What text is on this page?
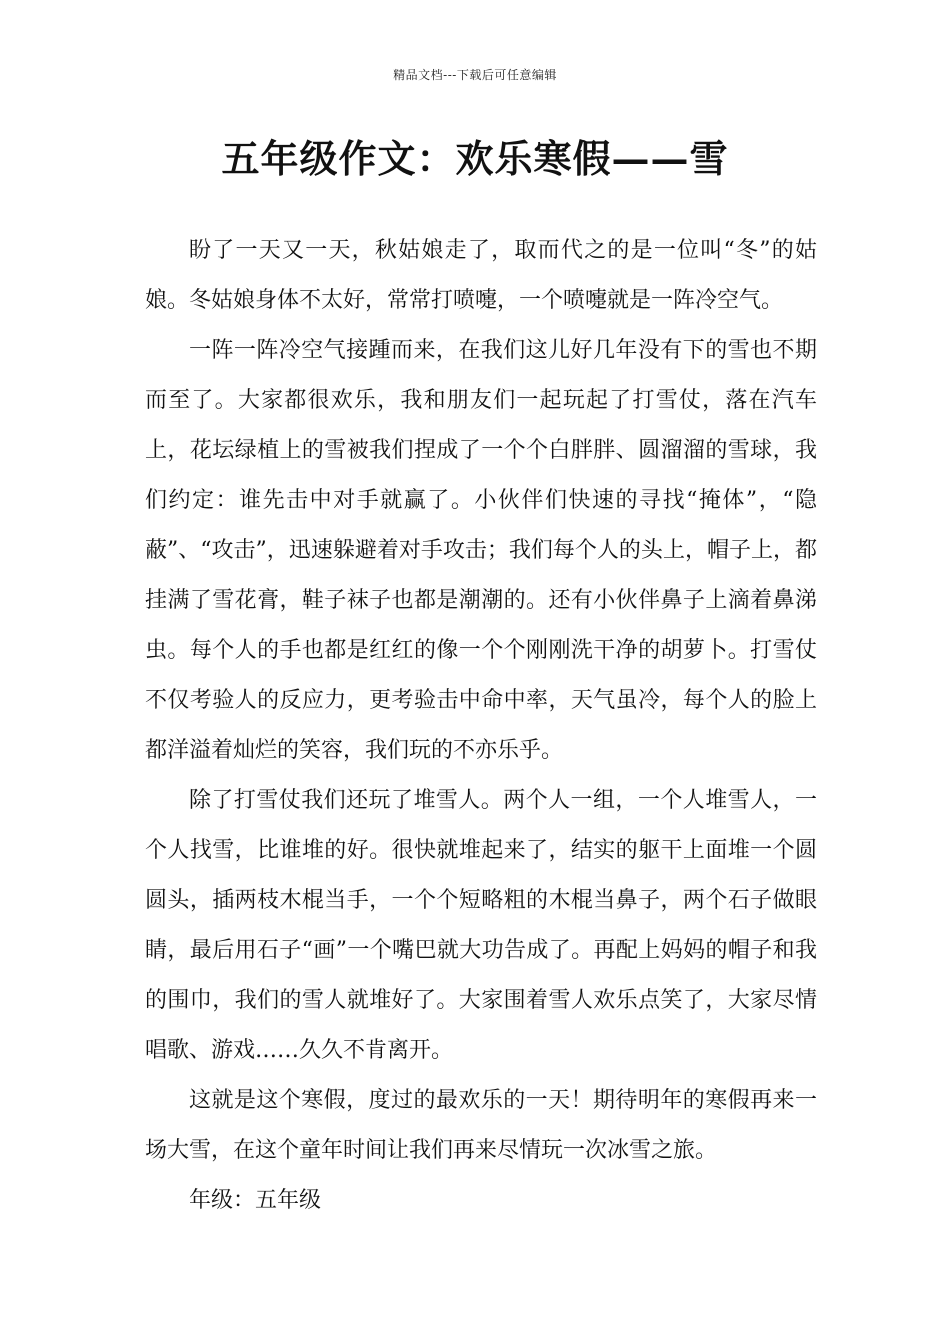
精品文档---下载后可任意编辑
五年级作文：欢乐寒假——雪

盼了一天又一天，秋姑娘走了，取而代之的是一位叫“冬”的姑娘。冬姑娘身体不太好，常常打喷嚏，一个喷嚏就是一阵冷空气。

一阵一阵冷空气接踵而来，在我们这儿好几年没有下的雪也不期而至了。大家都很欢乐，我和朋友们一起玩起了打雪仗，落在汽车上，花坛绿植上的雪被我们捏成了一个个白胖胖、圆溜溜的雪球，我们约定：谁先击中对手就赢了。小伙伴们快速的寻找“掩体”，“隐蔽”、“攻击”，迅速躲避着对手攻击；我们每个人的头上，帽子上，都挂满了雪花膏，鞋子袜子也都是潮潮的。还有小伙伴鼻子上滴着鼻涕虫。每个人的手也都是红红的像一个个刚刚洗干净的胡萝卜。打雪仗不仅考验人的反应力，更考验击中命中率，天气虽冷，每个人的脸上都洋溢着灿烂的笑容，我们玩的不亦乐乎。

除了打雪仗我们还玩了堆雪人。两个人一组，一个人堆雪人，一个人找雪，比谁堆的好。很快就堆起来了，结实的躯干上面堆一个圆圆头，插两枝木棍当手，一个个短略粗的木棍当鼻子，两个石子做眼睛，最后用石子“画”一个嘴巴就大功告成了。再配上妈妈的帽子和我的围巾，我们的雪人就堆好了。大家围着雪人欢乐点笑了，大家尽情唱歌、游戏……久久不肯离开。

这就是这个寒假，度过的最欢乐的一天！期待明年的寒假再来一场大雪，在这个童年时间让我们再来尽情玩一次冰雪之旅。

年级：五年级
